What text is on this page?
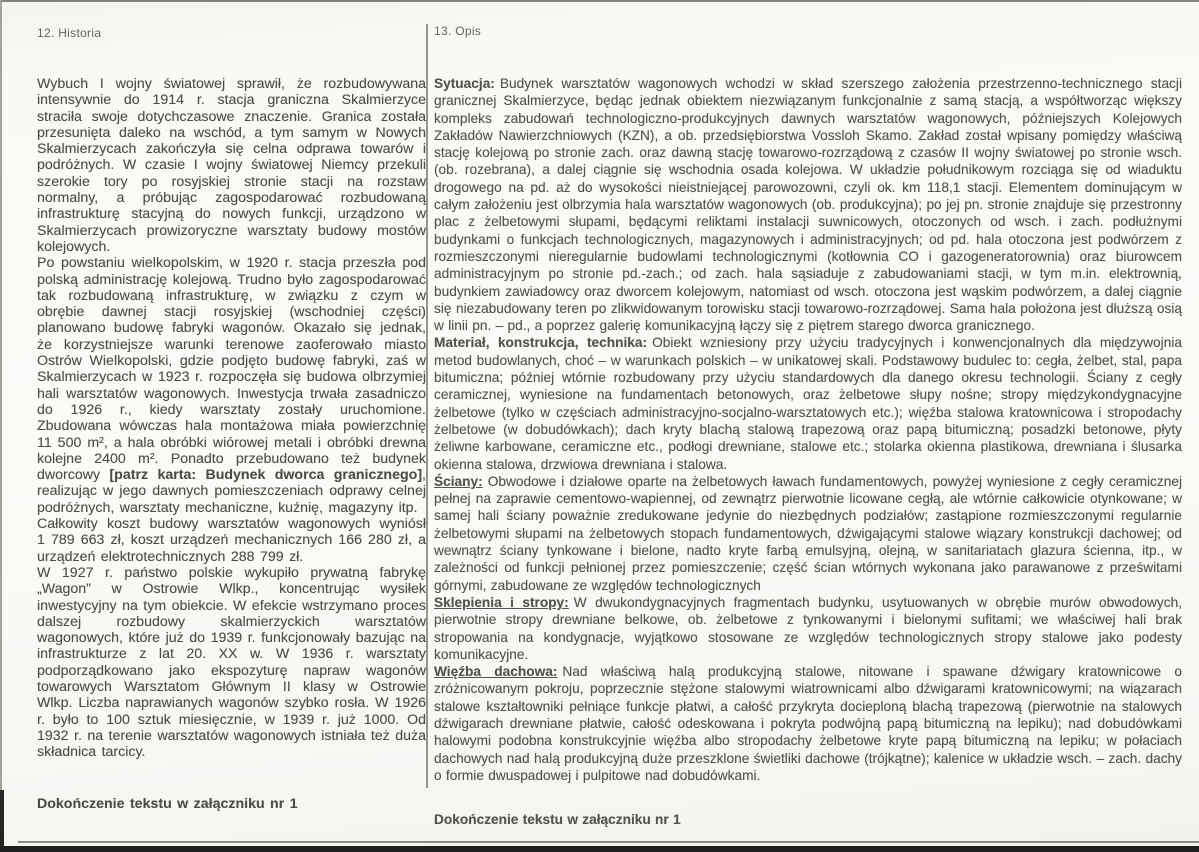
12. Historia

Wybuch I wojny światowej sprawił, że rozbudowywana intensywnie do 1914 r. stacja graniczna Skalmierzyce straciła swoje dotychczasowe znaczenie. Granica została przesunięta daleko na wschód, a tym samym w Nowych Skalmierzycach zakończyła się celna odprawa towarów i podróżnych. W czasie I wojny światowej Niemcy przekuli szerokie tory po rosyjskiej stronie stacji na rozstaw normalny, a próbując zagospodarować rozbudowaną infrastrukturę stacyjną do nowych funkcji, urządzono w Skalmierzycach prowizoryczne warsztaty budowy mostów kolejowych.

Po powstaniu wielkopolskim, w 1920 r. stacja przeszła pod polską administrację kolejową. Trudno było zagospodarować tak rozbudowaną infrastrukturę, w związku z czym w obrębie dawnej stacji rosyjskiej (wschodniej części) planowano budowę fabryki wagonów. Okazało się jednak, że korzystniejsze warunki terenowe zaoferowało miasto Ostrów Wielkopolski, gdzie podjęto budowę fabryki, zaś w Skalmierzycach w 1923 r. rozpoczęła się budowa olbrzymiej hali warsztatów wagonowych. Inwestycja trwała zasadniczo do 1926 r., kiedy warsztaty zostały uruchomione. Zbudowana wówczas hala montażowa miała powierzchnię 11 500 m², a hala obróbki wiórowej metali i obróbki drewna kolejne 2400 m². Ponadto przebudowano też budynek dworcowy [patrz karta: Budynek dworca granicznego], realizując w jego dawnych pomieszczeniach odprawy celnej podróżnych, warsztaty mechaniczne, kuźnię, magazyny itp.

Całkowity koszt budowy warsztatów wagonowych wyniósł 1 789 663 zł, koszt urządzeń mechanicznych 166 280 zł, a urządzeń elektrotechnicznych 288 799 zł.

W 1927 r. państwo polskie wykupiło prywatną fabrykę „Wagon” w Ostrowie Wlkp., koncentrując wysiłek inwestycyjny na tym obiekcie. W efekcie wstrzymano proces dalszej rozbudowy skalmierzyckich warsztatów wagonowych, które już do 1939 r. funkcjonowały bazując na infrastrukturze z lat 20. XX w. W 1936 r. warsztaty podporządkowano jako ekspozyturę napraw wagonów towarowych Warsztatom Głównym II klasy w Ostrowie Wlkp. Liczba naprawianych wagonów szybko rosła. W 1926 r. było to 100 sztuk miesięcznie, w 1939 r. już 1000. Od 1932 r. na terenie warsztatów wagonowych istniała też duża składnica tarcicy.

Dokończenie tekstu w załączniku nr 1

13. Opis

Sytuacja: Budynek warsztatów wagonowych wchodzi w skład szerszego założenia przestrzenno-technicznego stacji granicznej Skalmierzyce, będąc jednak obiektem niezwiązanym funkcjonalnie z samą stacją, a współtworząc większy kompleks zabudowań technologiczno-produkcyjnych dawnych warsztatów wagonowych, późniejszych Kolejowych Zakładów Nawierzchniowych (KZN), a ob. przedsiębiorstwa Vossloh Skamo. Zakład został wpisany pomiędzy właściwą stację kolejową po stronie zach. oraz dawną stację towarowo-rozrządową z czasów II wojny światowej po stronie wsch. (ob. rozebrana), a dalej ciągnie się wschodnia osada kolejowa. W układzie południkowym rozciąga się od wiaduktu drogowego na pd. aż do wysokości nieistniejącej parowozowni, czyli ok. km 118,1 stacji. Elementem dominującym w całym założeniu jest olbrzymia hala warsztatów wagonowych (ob. produkcyjna); po jej pn. stronie znajduje się przestronny plac z żelbetowymi słupami, będącymi reliktami instalacji suwnicowych, otoczonych od wsch. i zach. podłużnymi budynkami o funkcjach technologicznych, magazynowych i administracyjnych; od pd. hala otoczona jest podwórzem z rozmieszczonymi nieregularnie budowlami technologicznymi (kotłownia CO i gazogeneratorownia) oraz biurowcem administracyjnym po stronie pd.-zach.; od zach. hala sąsiaduje z zabudowaniami stacji, w tym m.in. elektrownią, budynkiem zawiadowcy oraz dworcem kolejowym, natomiast od wsch. otoczona jest wąskim podwórzem, a dalej ciągnie się niezabudowany teren po zlikwidowanym torowisku stacji towarowo-rozrządowej. Sama hala położona jest dłuższą osią w linii pn. – pd., a poprzez galerię komunikacyjną łączy się z piętrem starego dworca granicznego.

Materiał, konstrukcja, technika: Obiekt wzniesiony przy użyciu tradycyjnych i konwencjonalnych dla międzywojnia metod budowlanych, choć – w warunkach polskich – w unikatowej skali. Podstawowy budulec to: cegła, żelbet, stal, papa bitumiczna; później wtórnie rozbudowany przy użyciu standardowych dla danego okresu technologii. Ściany z cegły ceramicznej, wyniesione na fundamentach betonowych, oraz żelbetowe słupy nośne; stropy międzykondygnacyjne żelbetowe (tylko w częściach administracyjno-socjalno-warsztatowych etc.); więźba stalowa kratownicowa i stropodachy żelbetowe (w dobudówkach); dach kryty blachą stalową trapezową oraz papą bitumiczną; posadzki betonowe, płyty żeliwne karbowane, ceramiczne etc., podłogi drewniane, stalowe etc.; stolarka okienna plastikowa, drewniana i ślusarka okienna stalowa, drzwiowa drewniana i stalowa.

Ściany: Obwodowe i działowe oparte na żelbetowych ławach fundamentowych, powyżej wyniesione z cegły ceramicznej pełnej na zaprawie cementowo-wapiennej, od zewnątrz pierwotnie licowane cegłą, ale wtórnie całkowicie otynkowane; w samej hali ściany poważnie zredukowane jedynie do niezbędnych podziałów; zastąpione rozmieszczonymi regularnie żelbetowymi słupami na żelbetowych stopach fundamentowych, dźwigającymi stalowe wiązary konstrukcji dachowej; od wewnątrz ściany tynkowane i bielone, nadto kryte farbą emulsyjną, olejną, w sanitariatach glazura ścienna, itp., w zależności od funkcji pełnionej przez pomieszczenie; część ścian wtórnych wykonana jako parawanowe z prześwitami górnymi, zabudowane ze względów technologicznych

Sklepienia i stropy: W dwukondygnacyjnych fragmentach budynku, usytuowanych w obrębie murów obwodowych, pierwotnie stropy drewniane belkowe, ob. żelbetowe z tynkowanymi i bielonymi sufitami; we właściwej hali brak stropowania na kondygnacje, wyjątkowo stosowane ze względów technologicznych stropy stalowe jako podesty komunikacyjne.

Więźba dachowa: Nad właściwą halą produkcyjną stalowe, nitowane i spawane dźwigary kratownicowe o zróżnicowanym pokroju, poprzecznie stężone stalowymi wiatrownicami albo dźwigarami kratownicowymi; na wiązarach stalowe kształtowniki pełniące funkcje płatwi, a całość przykryta docieploną blachą trapezową (pierwotnie na stalowych dźwigarach drewniane płatwie, całość odeskowana i pokryta podwójną papą bitumiczną na lepiku); nad dobudówkami halowymi podobna konstrukcyjnie więźba albo stropodachy żelbetowe kryte papą bitumiczną na lepiku; w połaciach dachowych nad halą produkcyjną duże przeszklone świetliki dachowe (trójkątne); kalenice w układzie wsch. – zach. dachy o formie dwuspadowej i pulpitowe nad dobudówkami.

Dokończenie tekstu w załączniku nr 1
